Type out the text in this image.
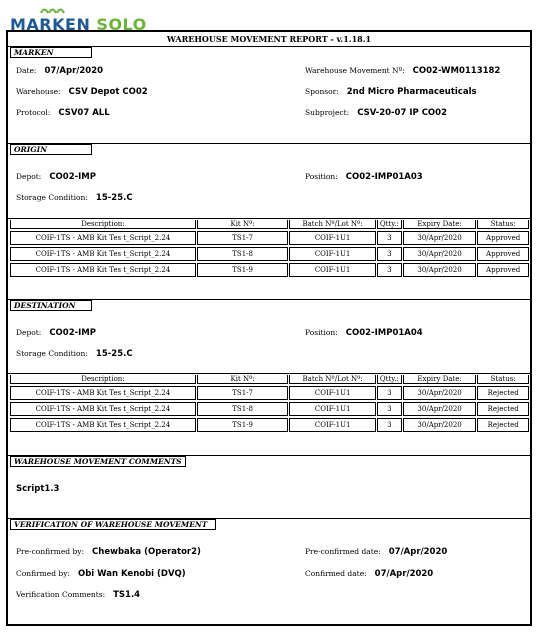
MARKEN SOLO
WAREHOUSE MOVEMENT REPORT - v.1.18.1
MARKEN
Date: 07/Apr/2020	Warehouse Movement Nº: CO02-WM0113182
Warehouse: CSV Depot CO02	Sponsor: 2nd Micro Pharmaceuticals
Protocol: CSV07 ALL	Subproject: CSV-20-07 IP CO02
ORIGIN
Depot: CO02-IMP	Position: CO02-IMP01A03
Storage Condition: 15-25.C
Description:	Kit Nº:	Batch Nº/Lot Nº:	Qtty.:	Expiry Date:	Status:
COIF-1TS - AMB Kit Tes t_Script_2.24	TS1-7	COIF-1U1	3	30/Apr/2020	Approved
COIF-1TS - AMB Kit Tes t_Script_2.24	TS1-8	COIF-1U1	3	30/Apr/2020	Approved
COIF-1TS - AMB Kit Tes t_Script_2.24	TS1-9	COIF-1U1	3	30/Apr/2020	Approved
DESTINATION
Depot: CO02-IMP	Position: CO02-IMP01A04
Storage Condition: 15-25.C
Description:	Kit Nº:	Batch Nº/Lot Nº:	Qtty.:	Expiry Date:	Status:
COIF-1TS - AMB Kit Tes t_Script_2.24	TS1-7	COIF-1U1	3	30/Apr/2020	Rejected
COIF-1TS - AMB Kit Tes t_Script_2.24	TS1-8	COIF-1U1	3	30/Apr/2020	Rejected
COIF-1TS - AMB Kit Tes t_Script_2.24	TS1-9	COIF-1U1	3	30/Apr/2020	Rejected
WAREHOUSE MOVEMENT COMMENTS
Script1.3
VERIFICATION OF WAREHOUSE MOVEMENT
Pre-confirmed by: Chewbaka (Operator2)	Pre-confirmed date: 07/Apr/2020
Confirmed by: Obi Wan Kenobi (DVQ)	Confirmed date: 07/Apr/2020
Verification Comments: TS1.4
